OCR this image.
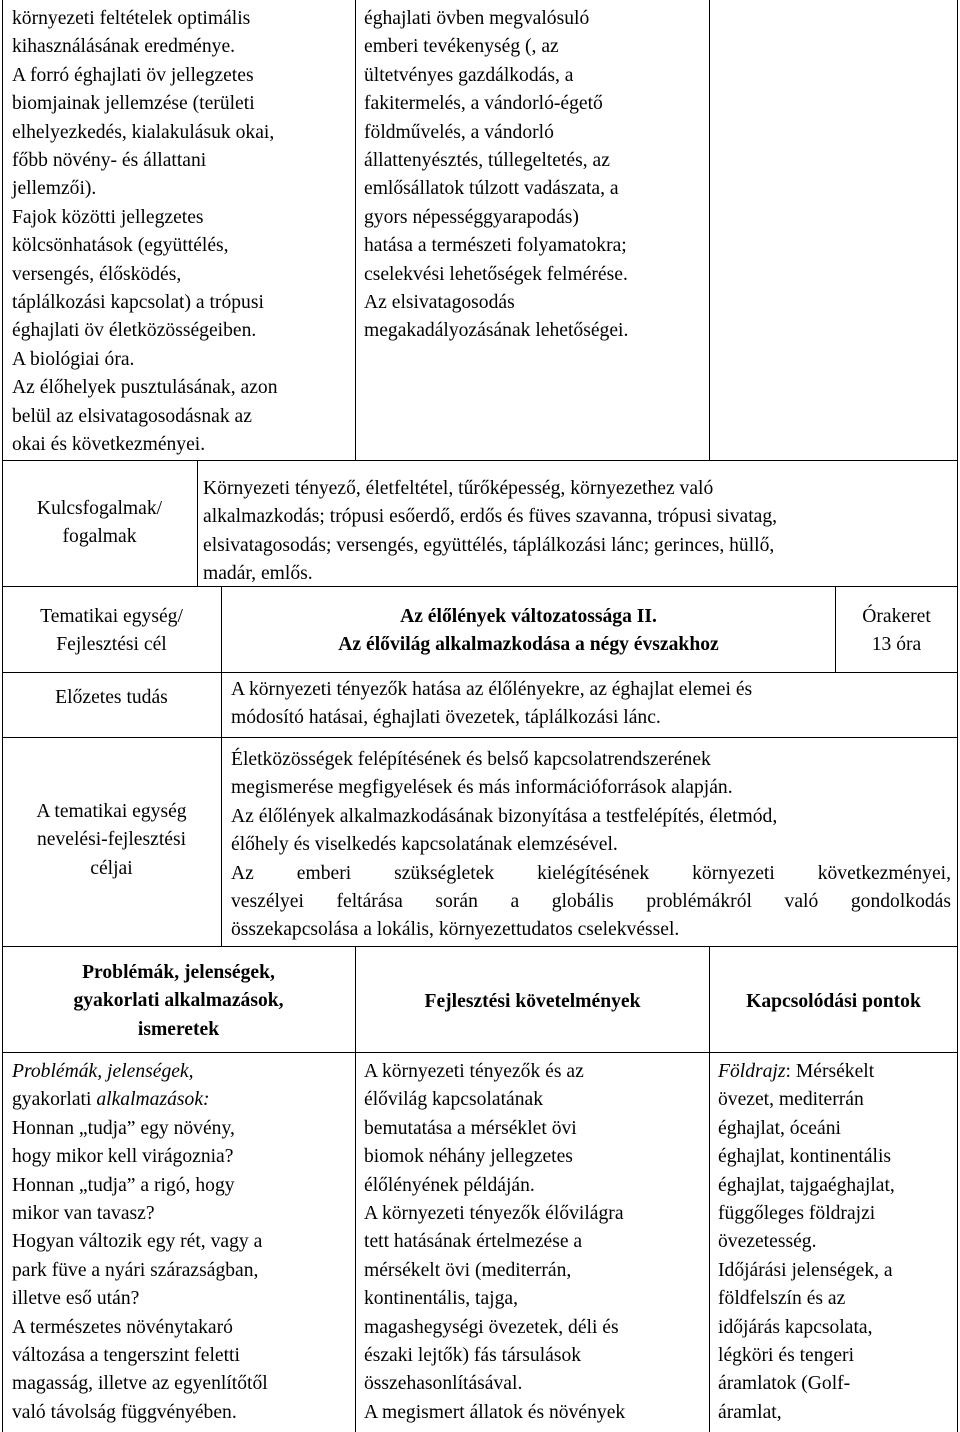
környezeti feltételek optimális

kihasználásának eredménye.

A forró éghajlati öv jellegzetes

biomjainak jellemzése (területi

elhelyezkedés, kialakulásuk okai,

főbb növény- és állattani

jellemzői).

Fajok közötti jellegzetes

kölcsönhatások (együttélés,

versengés, élősködés,

táplálkozási kapcsolat) a trópusi

éghajlati öv életközösségeiben.

A biológiai óra.

Az élőhelyek pusztulásának, azon

belül az elsivatagosodásnak az

okai és következményei.

éghajlati övben megvalósuló

emberi tevékenység (, az

ültetvényes gazdálkodás, a

fakitermelés, a vándorló-égető

földművelés, a vándorló

állattenyésztés, túllegeltetés, az

emlősállatok túlzott vadászata, a

gyors népességgyarapodás)

hatása a természeti folyamatokra;

cselekvési lehetőségek felmérése.

Az elsivatagosodás

megakadályozásának lehetőségei.

Kulcsfogalmak/

fogalmak

Környezeti tényező, életfeltétel, tűrőképesség, környezethez való

alkalmazkodás; trópusi esőerdő, erdős és füves szavanna, trópusi sivatag,

elsivatagosodás; versengés, együttélés, táplálkozási lánc; gerinces, hüllő,

madár, emlős.

Tematikai egység/

Fejlesztési cél

Az élőlények változatossága II.

Az élővilág alkalmazkodása a négy évszakhoz

Órakeret

13 óra

Előzetes tudás	A környezeti tényezők hatása az élőlényekre, az éghajlat elemei és

módosító hatásai, éghajlati övezetek, táplálkozási lánc.

A tematikai egység

nevelési-fejlesztési

céljai

Életközösségek felépítésének és belső kapcsolatrendszerének

megismerése megfigyelések és más információforrások alapján.

Az élőlények alkalmazkodásának bizonyítása a testfelépítés, életmód,

élőhely és viselkedés kapcsolatának elemzésével.

Az emberi szükségletek kielégítésének környezeti következményei,

veszélyei feltárása során a globális problémákról való gondolkodás

összekapcsolása a lokális, környezettudatos cselekvéssel.

Problémák, jelenségek,

gyakorlati alkalmazások,

ismeretek

Fejlesztési követelmények	Kapcsolódási pontok

Problémák, jelenségek,

gyakorlati alkalmazások:

Honnan „tudja” egy növény,

hogy mikor kell virágoznia?

Honnan „tudja” a rigó, hogy

mikor van tavasz?

Hogyan változik egy rét, vagy a

park füve a nyári szárazságban,

illetve eső után?

A természetes növénytakaró

változása a tengerszint feletti

magasság, illetve az egyenlítőtől

való távolság függvényében.

A környezeti tényezők és az

élővilág kapcsolatának

bemutatása a mérséklet övi

biomok néhány jellegzetes

élőlényének példáján.

A környezeti tényezők élővilágra

tett hatásának értelmezése a

mérsékelt övi (mediterrán,

kontinentális, tajga,

magashegységi övezetek, déli és

északi lejtők) fás társulások

összehasonlításával.

A megismert állatok és növények

Földrajz: Mérsékelt

övezet, mediterrán

éghajlat, óceáni

éghajlat, kontinentális

éghajlat, tajgaéghajlat,

függőleges földrajzi

övezetesség.

Időjárási jelenségek, a

földfelszín és az

időjárás kapcsolata,

légköri és tengeri

áramlatok (Golf-

áramlat,
